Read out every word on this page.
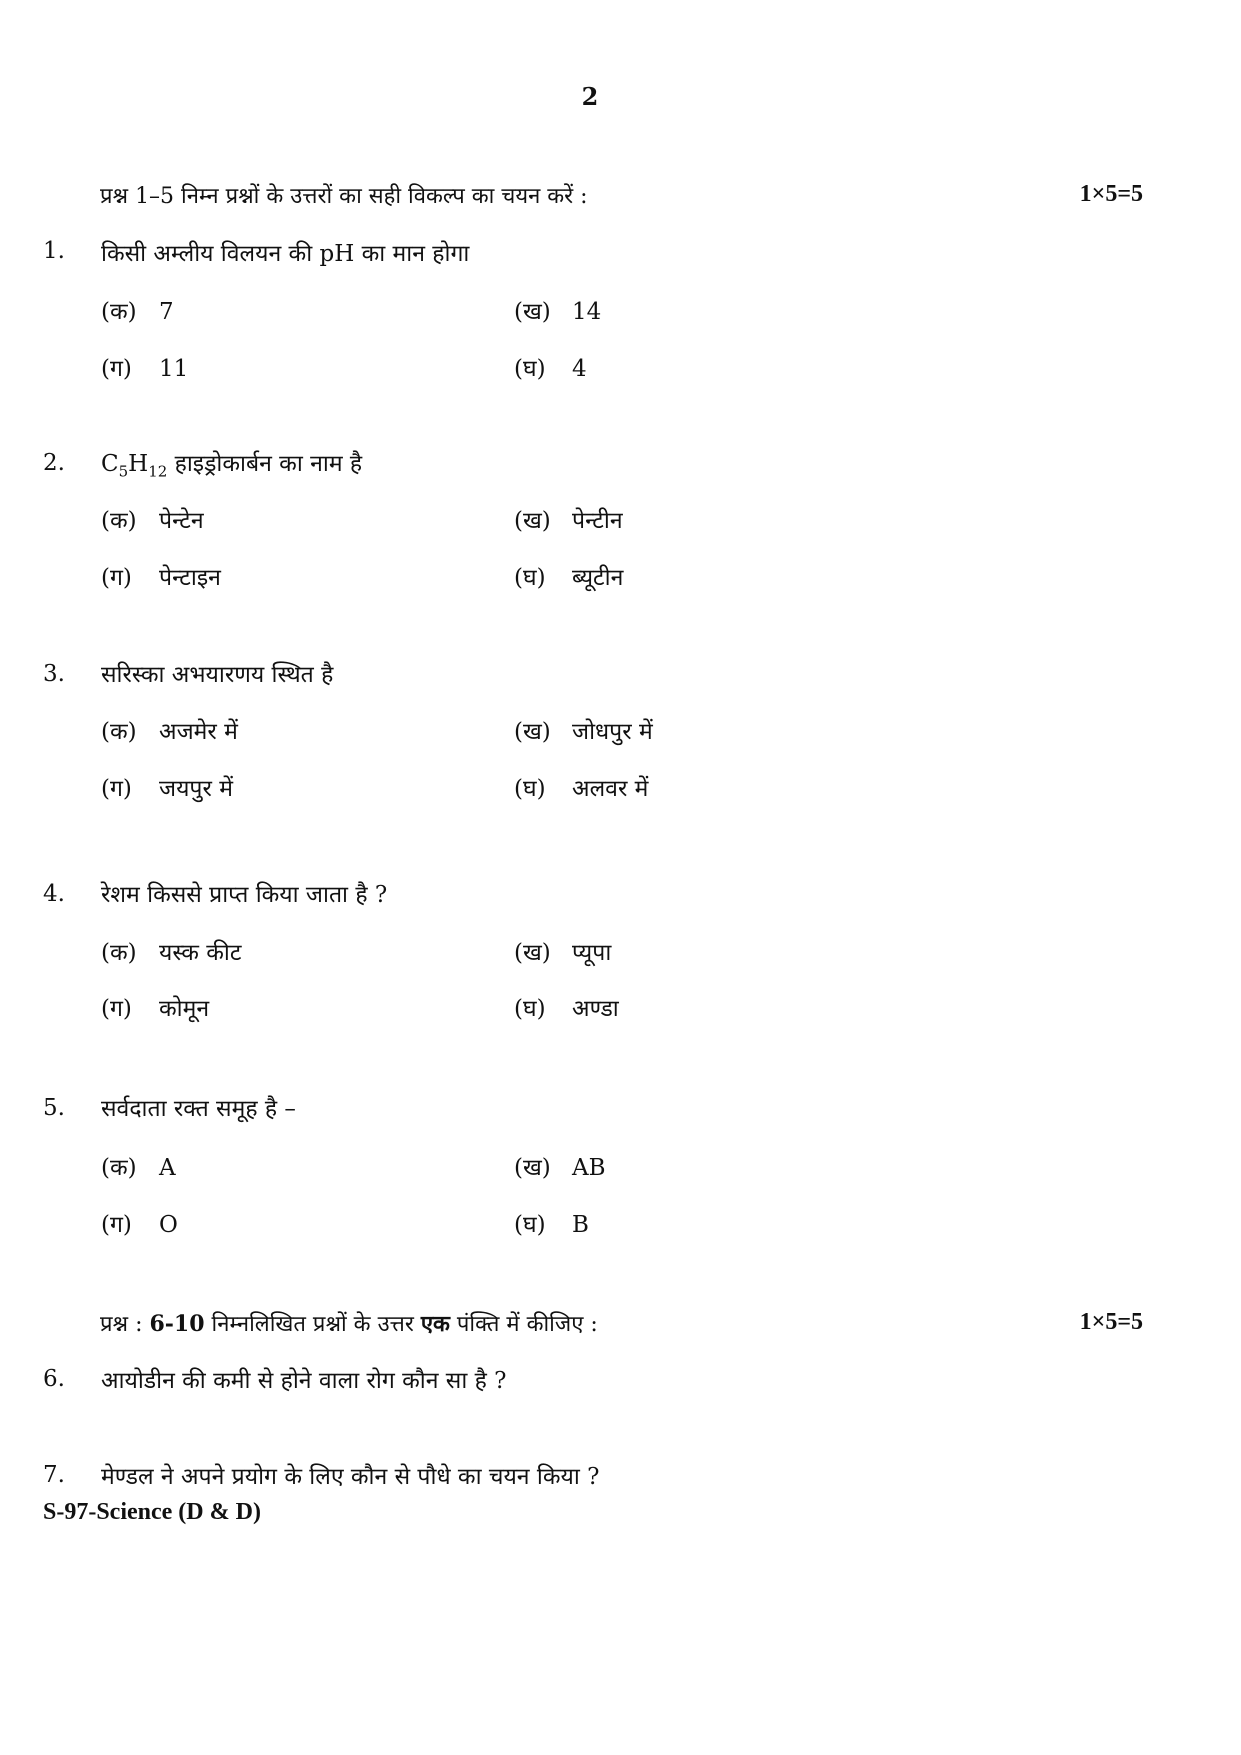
2
प्रश्न 1–5 निम्न प्रश्नों के उत्तरों का सही विकल्प का चयन करें :	1×5=5
1. किसी अम्लीय विलयन की pH का मान होगा
(क) 7	(ख) 14
(ग) 11	(घ) 4
2. $C_5H_{12}$ हाइड्रोकार्बन का नाम है
(क) पेन्टेन	(ख) पेन्टीन
(ग) पेन्टाइन	(घ) ब्यूटीन
3. सरिस्का अभयारणय स्थित है
(क) अजमेर में	(ख) जोधपुर में
(ग) जयपुर में	(घ) अलवर में
4. रेशम किससे प्राप्त किया जाता है ?
(क) यस्क कीट	(ख) प्यूपा
(ग) कोमून	(घ) अण्डा
5. सर्वदाता रक्त समूह है –
(क) A	(ख) AB
(ग) O	(घ) B
प्रश्न : 6-10 निम्नलिखित प्रश्नों के उत्तर एक पंक्ति में कीजिए :	1×5=5
6. आयोडीन की कमी से होने वाला रोग कौन सा है ?
7. मेण्डल ने अपने प्रयोग के लिए कौन से पौधे का चयन किया ?
S-97-Science (D & D)
